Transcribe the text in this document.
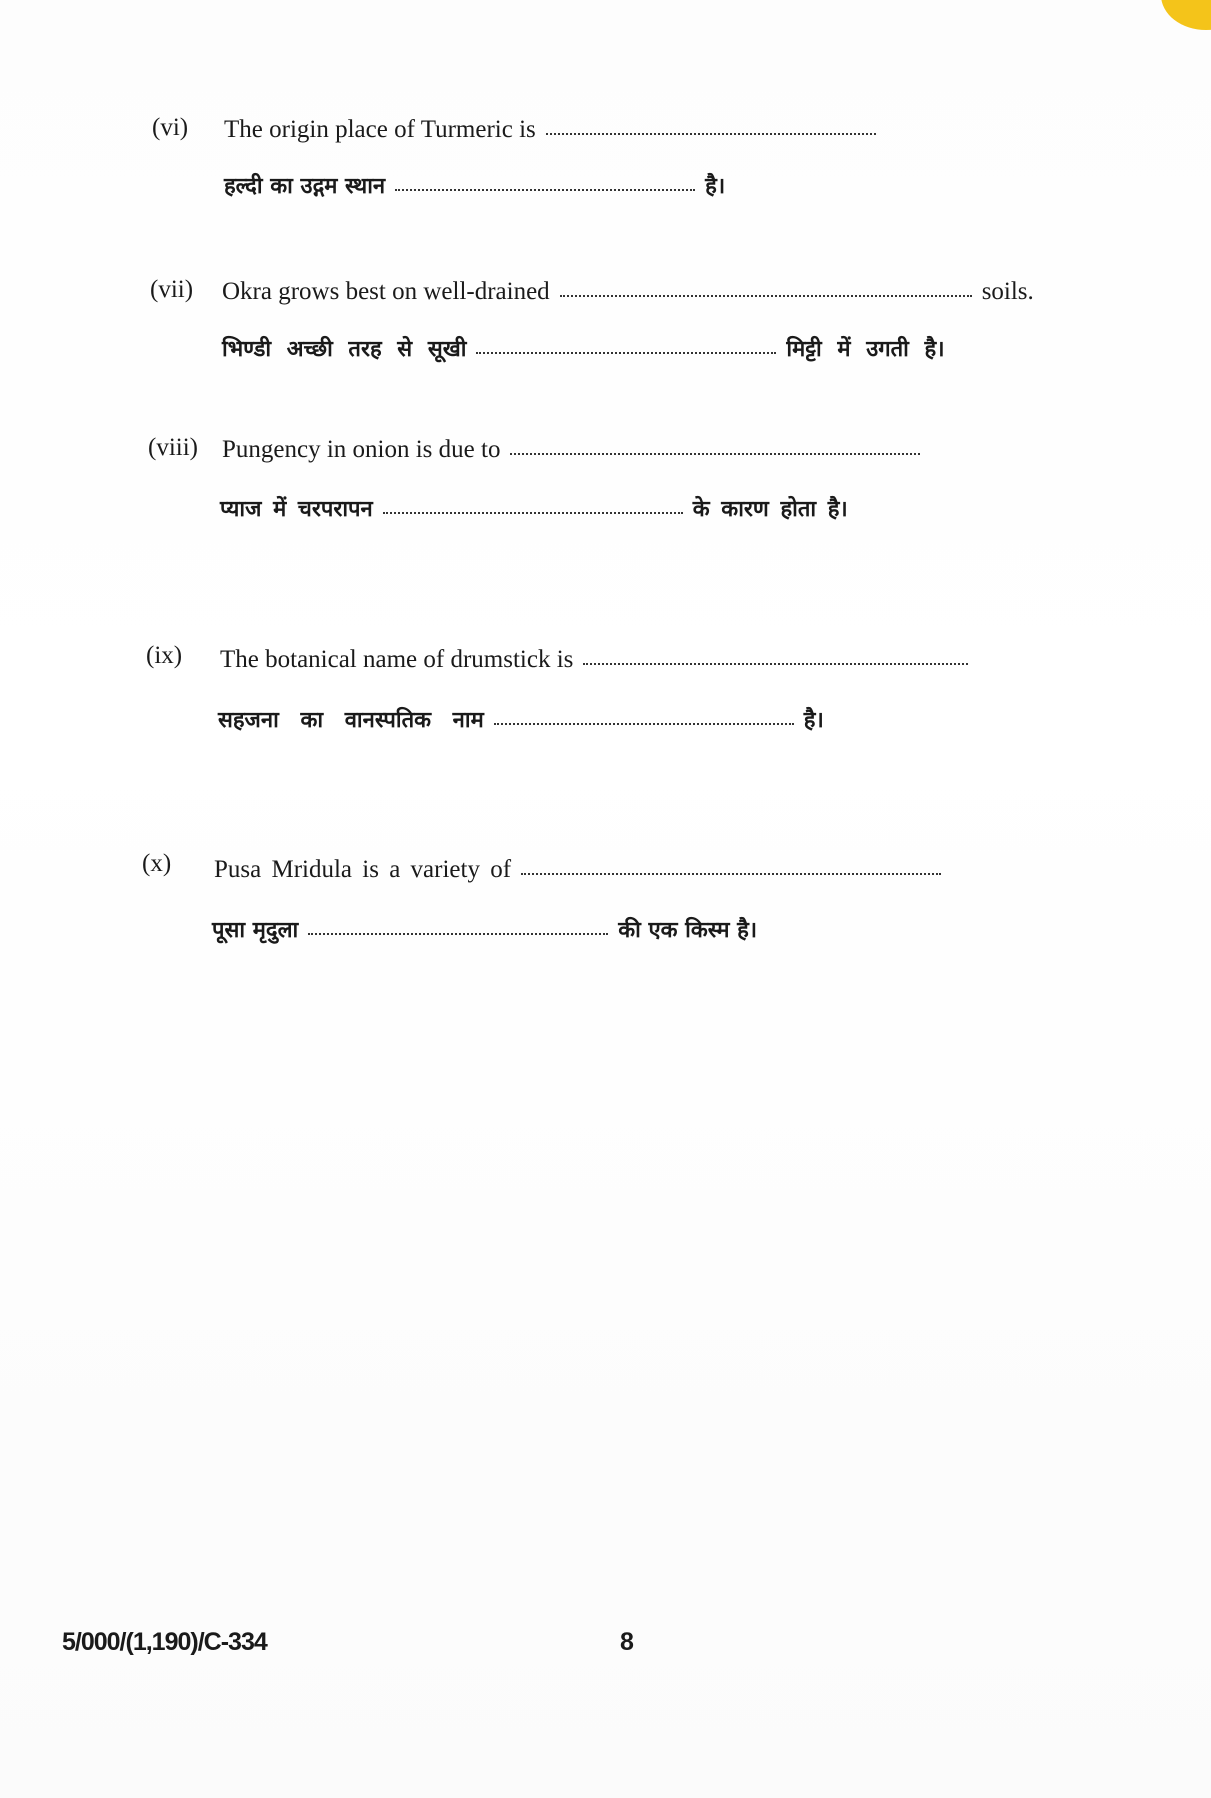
(vi) The origin place of Turmeric is
हल्दी का उद्गम स्थान	है।
(vii) Okra grows best on well-drained	soils.
भिण्डी अच्छी तरह से सूखी	मिट्टी में उगती है।
(viii) Pungency in onion is due to
प्याज में चरपरापन	के कारण होता है।
(ix) The botanical name of drumstick is
सहजना का वानस्पतिक नाम	है।
(x) Pusa Mridula is a variety of
पूसा मृदुला	की एक किस्म है।
5/000/(1,190)/C-334	8
